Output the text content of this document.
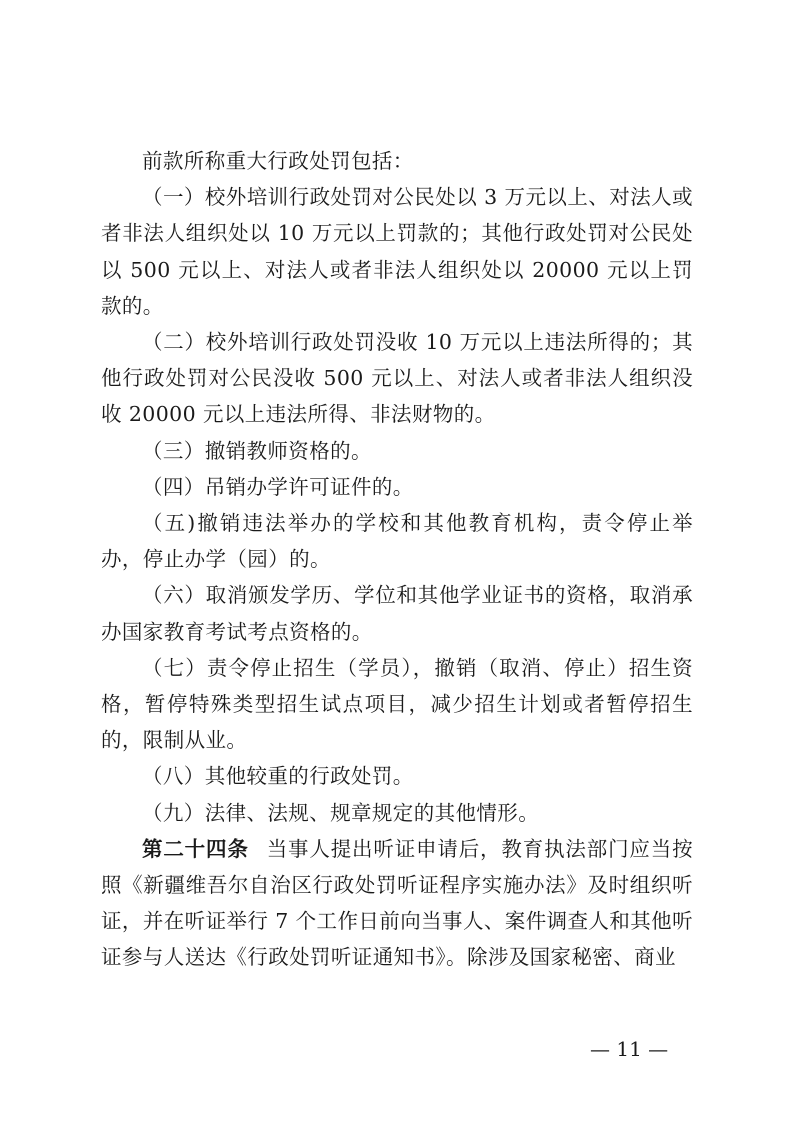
前款所称重大行政处罚包括：

（一）校外培训行政处罚对公民处以 3 万元以上、对法人或者非法人组织处以 10 万元以上罚款的；其他行政处罚对公民处以 500 元以上、对法人或者非法人组织处以 20000 元以上罚款的。

（二）校外培训行政处罚没收 10 万元以上违法所得的；其他行政处罚对公民没收 500 元以上、对法人或者非法人组织没收 20000 元以上违法所得、非法财物的。

（三）撤销教师资格的。

（四）吊销办学许可证件的。

（五)撤销违法举办的学校和其他教育机构，责令停止举办，停止办学（园）的。

（六）取消颁发学历、学位和其他学业证书的资格，取消承办国家教育考试考点资格的。

（七）责令停止招生（学员），撤销（取消、停止）招生资格，暂停特殊类型招生试点项目，减少招生计划或者暂停招生的，限制从业。

（八）其他较重的行政处罚。

（九）法律、法规、规章规定的其他情形。

第二十四条 当事人提出听证申请后，教育执法部门应当按照《新疆维吾尔自治区行政处罚听证程序实施办法》及时组织听证，并在听证举行 7 个工作日前向当事人、案件调查人和其他听证参与人送达《行政处罚听证通知书》。除涉及国家秘密、商业

— 11 —
